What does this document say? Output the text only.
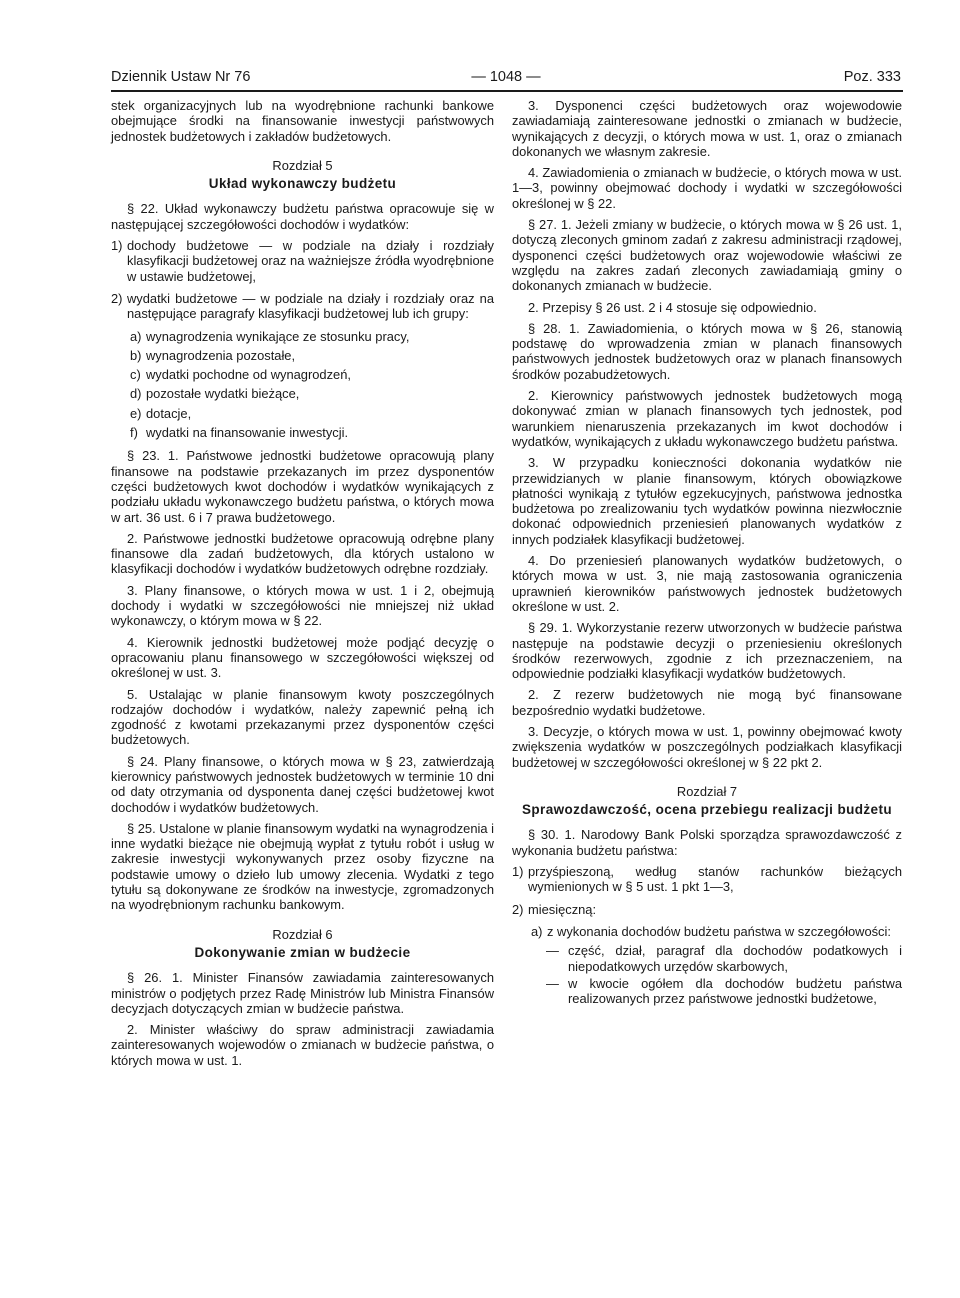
Dziennik Ustaw Nr 76	— 1048 —	Poz. 333

stek organizacyjnych lub na wyodrębnione rachunki bankowe obejmujące środki na finansowanie inwestycji państwowych jednostek budżetowych i zakładów budżetowych.

Rozdział 5
Układ wykonawczy budżetu

§ 22. Układ wykonawczy budżetu państwa opracowuje się w następującej szczegółowości dochodów i wydatków:

1) dochody budżetowe — w podziale na działy i rozdziały klasyfikacji budżetowej oraz na ważniejsze źródła wyodrębnione w ustawie budżetowej,
2) wydatki budżetowe — w podziale na działy i rozdziały oraz na następujące paragrafy klasyfikacji budżetowej lub ich grupy:
a) wynagrodzenia wynikające ze stosunku pracy,
b) wynagrodzenia pozostałe,
c) wydatki pochodne od wynagrodzeń,
d) pozostałe wydatki bieżące,
e) dotacje,
f) wydatki na finansowanie inwestycji.

§ 23. 1. Państwowe jednostki budżetowe opracowują plany finansowe na podstawie przekazanych im przez dysponentów części budżetowych kwot dochodów i wydatków wynikających z podziału układu wykonawczego budżetu państwa, o których mowa w art. 36 ust. 6 i 7 prawa budżetowego.

2. Państwowe jednostki budżetowe opracowują odrębne plany finansowe dla zadań budżetowych, dla których ustalono w klasyfikacji dochodów i wydatków budżetowych odrębne rozdziały.

3. Plany finansowe, o których mowa w ust. 1 i 2, obejmują dochody i wydatki w szczegółowości nie mniejszej niż układ wykonawczy, o którym mowa w § 22.

4. Kierownik jednostki budżetowej może podjąć decyzję o opracowaniu planu finansowego w szczegółowości większej od określonej w ust. 3.

5. Ustalając w planie finansowym kwoty poszczególnych rodzajów dochodów i wydatków, należy zapewnić pełną ich zgodność z kwotami przekazanymi przez dysponentów części budżetowych.

§ 24. Plany finansowe, o których mowa w § 23, zatwierdzają kierownicy państwowych jednostek budżetowych w terminie 10 dni od daty otrzymania od dysponenta danej części budżetowej kwot dochodów i wydatków budżetowych.

§ 25. Ustalone w planie finansowym wydatki na wynagrodzenia i inne wydatki bieżące nie obejmują wypłat z tytułu robót i usług w zakresie inwestycji wykonywanych przez osoby fizyczne na podstawie umowy o dzieło lub umowy zlecenia. Wydatki z tego tytułu są dokonywane ze środków na inwestycje, zgromadzonych na wyodrębnionym rachunku bankowym.

Rozdział 6
Dokonywanie zmian w budżecie

§ 26. 1. Minister Finansów zawiadamia zainteresowanych ministrów o podjętych przez Radę Ministrów lub Ministra Finansów decyzjach dotyczących zmian w budżecie państwa.

2. Minister właściwy do spraw administracji zawiadamia zainteresowanych wojewodów o zmianach w budżecie państwa, o których mowa w ust. 1.

3. Dysponenci części budżetowych oraz wojewodowie zawiadamiają zainteresowane jednostki o zmianach w budżecie, wynikających z decyzji, o których mowa w ust. 1, oraz o zmianach dokonanych we własnym zakresie.

4. Zawiadomienia o zmianach w budżecie, o których mowa w ust. 1—3, powinny obejmować dochody i wydatki w szczegółowości określonej w § 22.

§ 27. 1. Jeżeli zmiany w budżecie, o których mowa w § 26 ust. 1, dotyczą zleconych gminom zadań z zakresu administracji rządowej, dysponenci części budżetowych oraz wojewodowie właściwi ze względu na zakres zadań zleconych zawiadamiają gminy o dokonanych zmianach w budżecie.

2. Przepisy § 26 ust. 2 i 4 stosuje się odpowiednio.

§ 28. 1. Zawiadomienia, o których mowa w § 26, stanowią podstawę do wprowadzenia zmian w planach finansowych państwowych jednostek budżetowych oraz w planach finansowych środków pozabudżetowych.

2. Kierownicy państwowych jednostek budżetowych mogą dokonywać zmian w planach finansowych tych jednostek, pod warunkiem nienaruszenia przekazanych im kwot dochodów i wydatków, wynikających z układu wykonawczego budżetu państwa.

3. W przypadku konieczności dokonania wydatków nie przewidzianych w planie finansowym, których obowiązkowe płatności wynikają z tytułów egzekucyjnych, państwowa jednostka budżetowa po zrealizowaniu tych wydatków powinna niezwłocznie dokonać odpowiednich przeniesień planowanych wydatków z innych podziałek klasyfikacji budżetowej.

4. Do przeniesień planowanych wydatków budżetowych, o których mowa w ust. 3, nie mają zastosowania ograniczenia uprawnień kierowników państwowych jednostek budżetowych określone w ust. 2.

§ 29. 1. Wykorzystanie rezerw utworzonych w budżecie państwa następuje na podstawie decyzji o przeniesieniu określonych środków rezerwowych, zgodnie z ich przeznaczeniem, na odpowiednie podziałki klasyfikacji wydatków budżetowych.

2. Z rezerw budżetowych nie mogą być finansowane bezpośrednio wydatki budżetowe.

3. Decyzje, o których mowa w ust. 1, powinny obejmować kwoty zwiększenia wydatków w poszczególnych podziałkach klasyfikacji budżetowej w szczegółowości określonej w § 22 pkt 2.

Rozdział 7
Sprawozdawczość, ocena przebiegu realizacji budżetu

§ 30. 1. Narodowy Bank Polski sporządza sprawozdawczość z wykonania budżetu państwa:

1) przyśpieszoną, według stanów rachunków bieżących wymienionych w § 5 ust. 1 pkt 1—3,
2) miesięczną:
a) z wykonania dochodów budżetu państwa w szczegółowości:
— część, dział, paragraf dla dochodów podatkowych i niepodatkowych urzędów skarbowych,
— w kwocie ogółem dla dochodów budżetu państwa realizowanych przez państwowe jednostki budżetowe,
